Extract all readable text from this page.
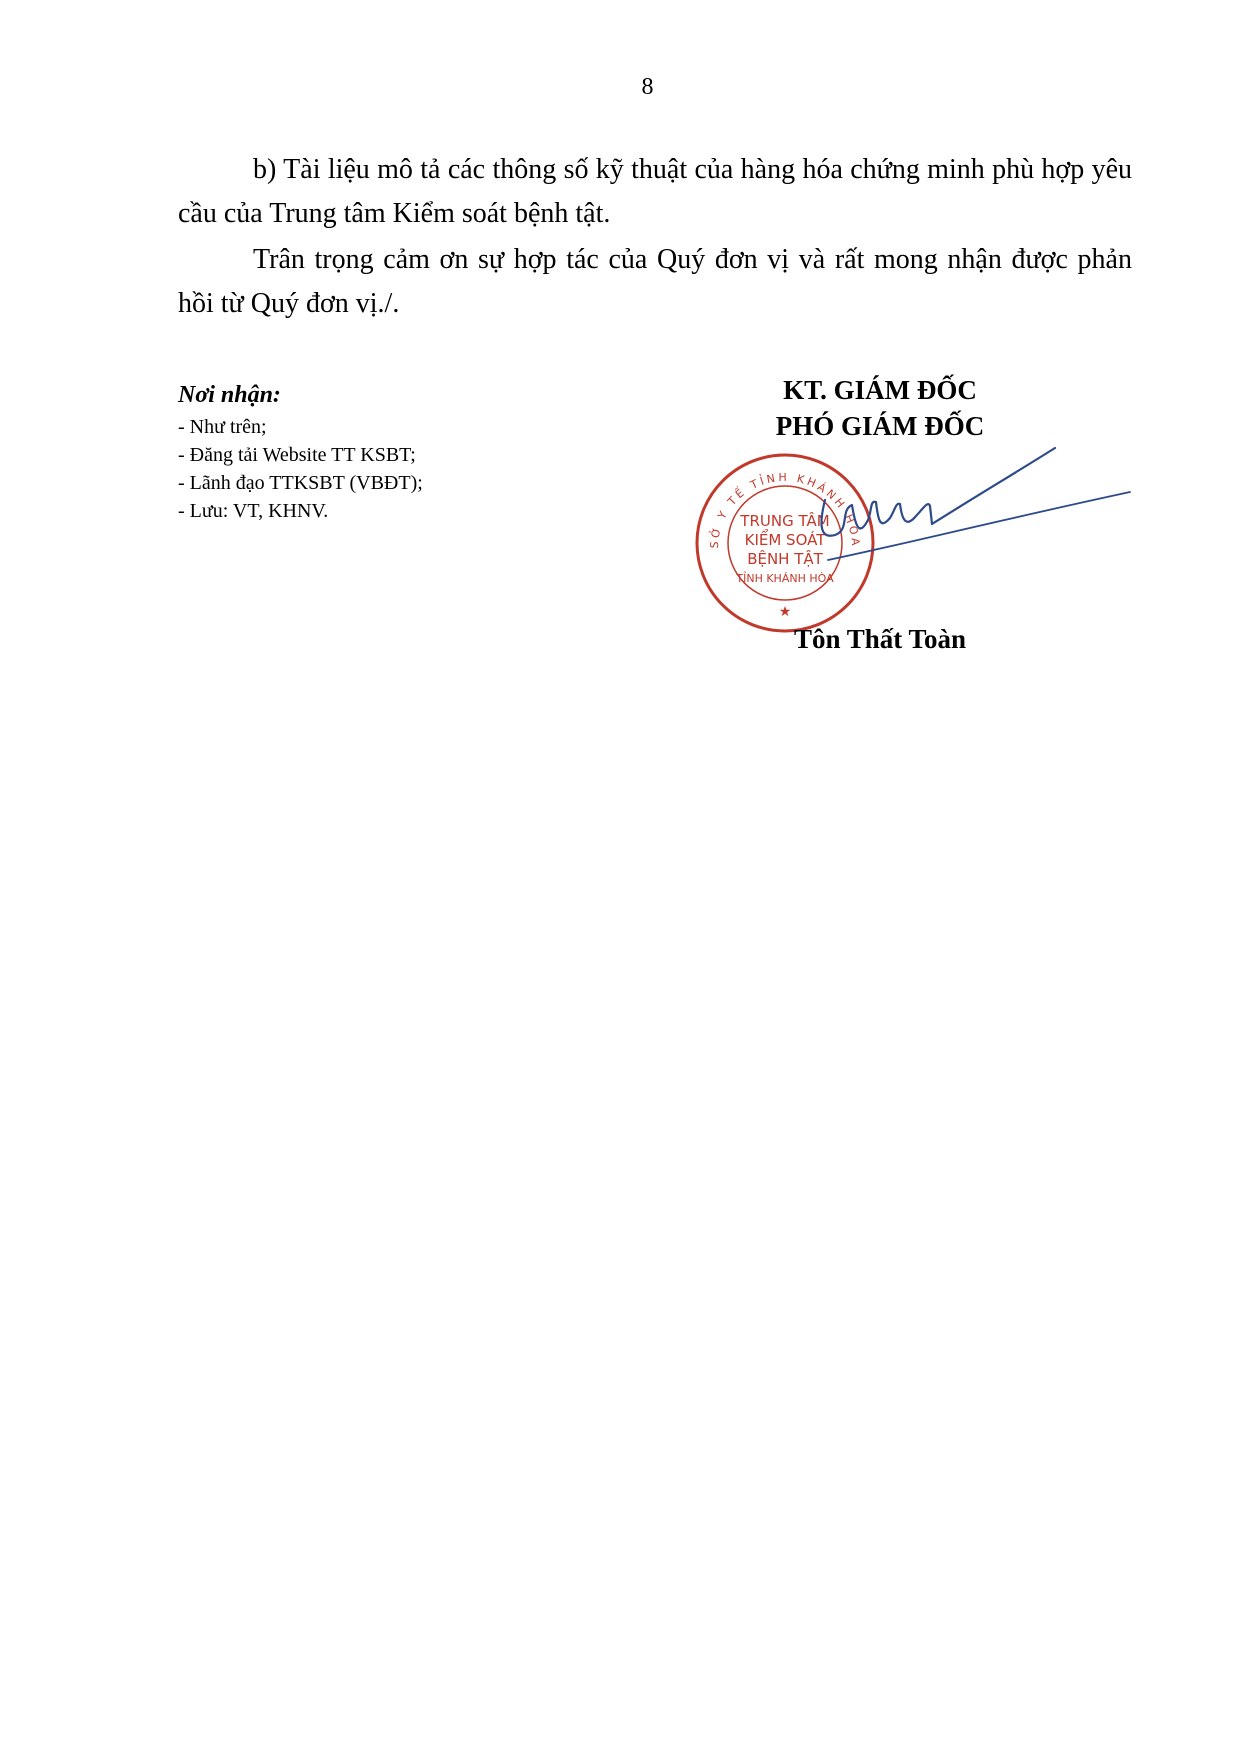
8

b) Tài liệu mô tả các thông số kỹ thuật của hàng hóa chứng minh phù hợp yêu cầu của Trung tâm Kiểm soát bệnh tật.

Trân trọng cảm ơn sự hợp tác của Quý đơn vị và rất mong nhận được phản hồi từ Quý đơn vị./.

Nơi nhận:
- Như trên;
- Đăng tải Website TT KSBT;
- Lãnh đạo TTKSBT (VBĐT);
- Lưu: VT, KHNV.
KT. GIÁM ĐỐC
PHÓ GIÁM ĐỐC
SỞ Y TẾ TỈNH KHÁNH HÒA
TRUNG TÂM
KIỂM SOÁT
BỆNH TẬT
TỈNH KHÁNH HÒA
★
Tôn Thất Toàn
